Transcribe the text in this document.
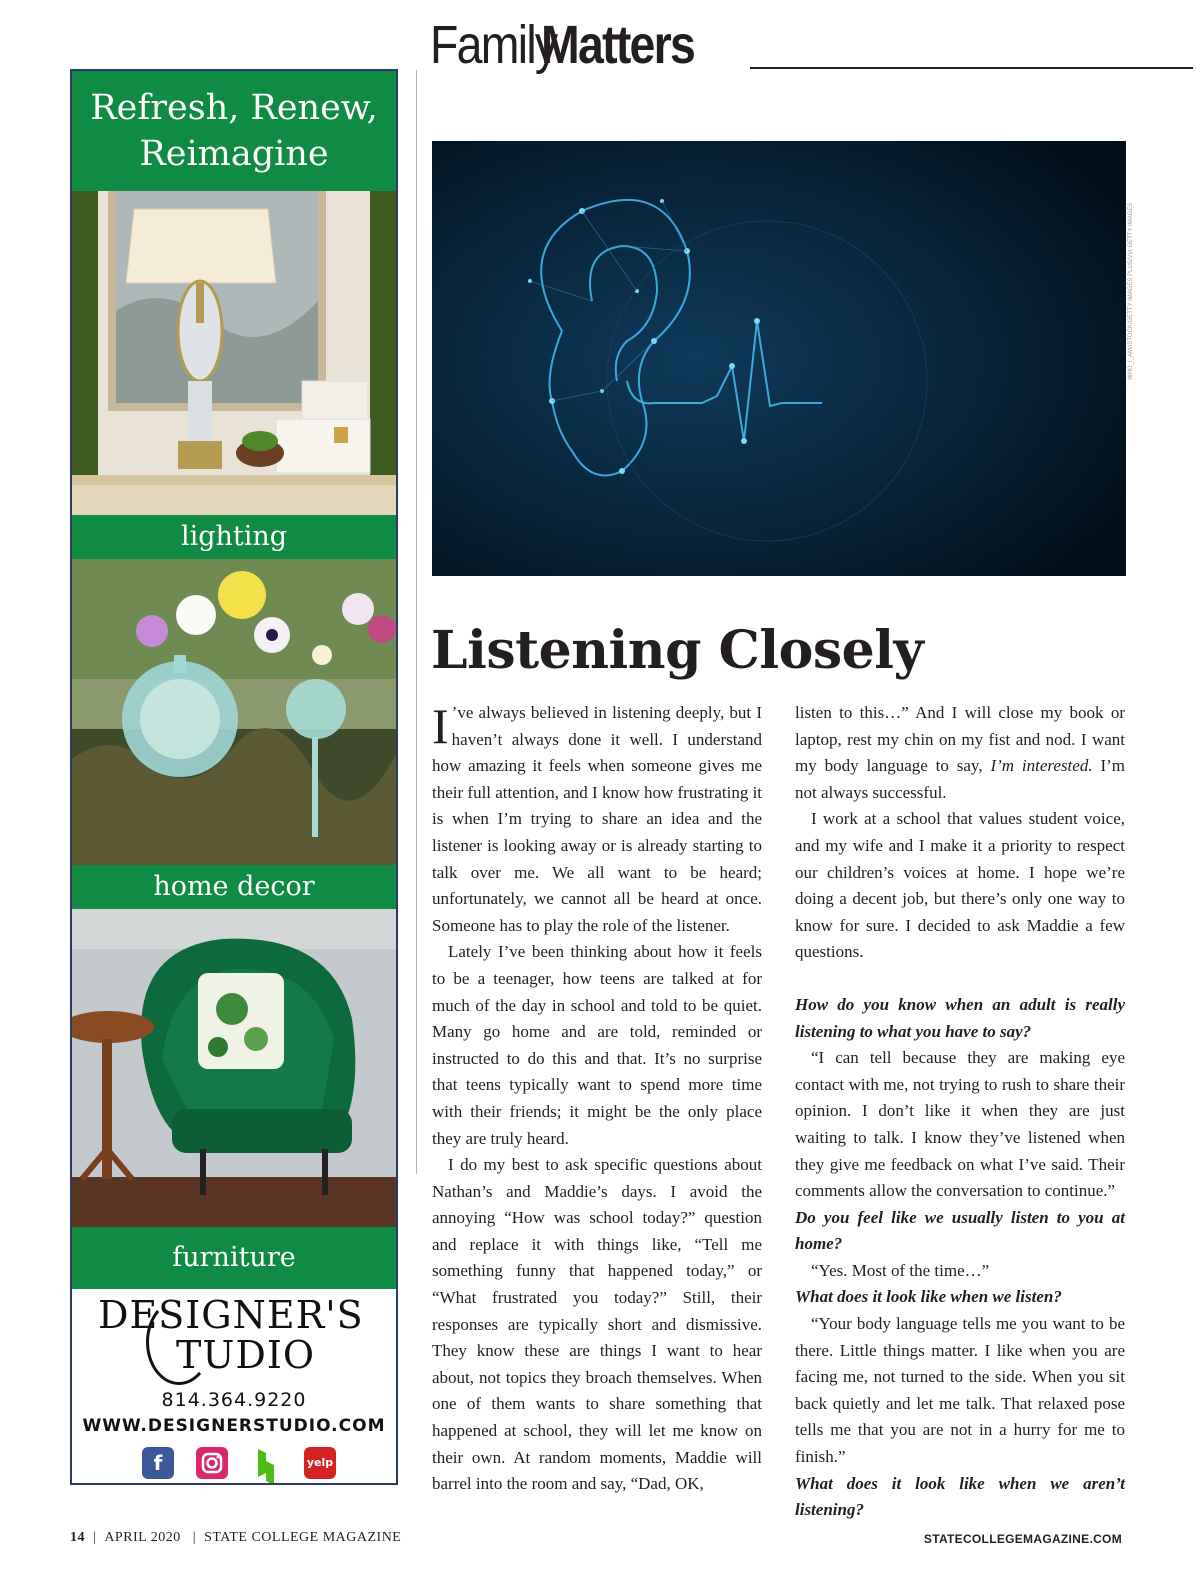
FamilyMatters
Refresh, Renew, Reimagine
lighting
home decor
furniture
DESIGNER'S
TUDIO
814.364.9220
WWW.DESIGNERSTUDIO.COM
f	yelp
WHO_I_AM/ISTOCK/GETTY IMAGES PLUS/VIA GETTY IMAGES
Listening Closely

I ’ve always believed in listening deeply, but I haven’t always done it well. I understand how amazing it feels when someone gives me their full attention, and I know how frustrating it is when I’m trying to share an idea and the listener is looking away or is already starting to talk over me. We all want to be heard; unfortunately, we cannot all be heard at once. Someone has to play the role of the listener.

Lately I’ve been thinking about how it feels to be a teenager, how teens are talked at for much of the day in school and told to be quiet. Many go home and are told, reminded or instructed to do this and that. It’s no surprise that teens typically want to spend more time with their friends; it might be the only place they are truly heard.

I do my best to ask specific questions about Nathan’s and Maddie’s days. I avoid the annoying “How was school today?” question and replace it with things like, “Tell me something funny that happened today,” or “What frustrated you today?” Still, their responses are typically short and dismissive. They know these are things I want to hear about, not topics they broach themselves. When one of them wants to share something that happened at school, they will let me know on their own. At random moments, Maddie will barrel into the room and say, “Dad, OK,

listen to this…” And I will close my book or laptop, rest my chin on my fist and nod. I want my body language to say, I’m interested. I’m not always successful.

I work at a school that values student voice, and my wife and I make it a priority to respect our children’s voices at home. I hope we’re doing a decent job, but there’s only one way to know for sure. I decided to ask Maddie a few questions.

How do you know when an adult is really listening to what you have to say?

“I can tell because they are making eye contact with me, not trying to rush to share their opinion. I don’t like it when they are just waiting to talk. I know they’ve listened when they give me feedback on what I’ve said. Their comments allow the conversation to continue.”

Do you feel like we usually listen to you at home?

“Yes. Most of the time…”

What does it look like when we listen?

“Your body language tells me you want to be there. Little things matter. I like when you are facing me, not turned to the side. When you sit back quietly and let me talk. That relaxed pose tells me that you are not in a hurry for me to finish.”

What does it look like when we aren’t listening?

14  |  APRIL 2020   |  STATE COLLEGE MAGAZINE	STATECOLLEGEMAGAZINE.COM
